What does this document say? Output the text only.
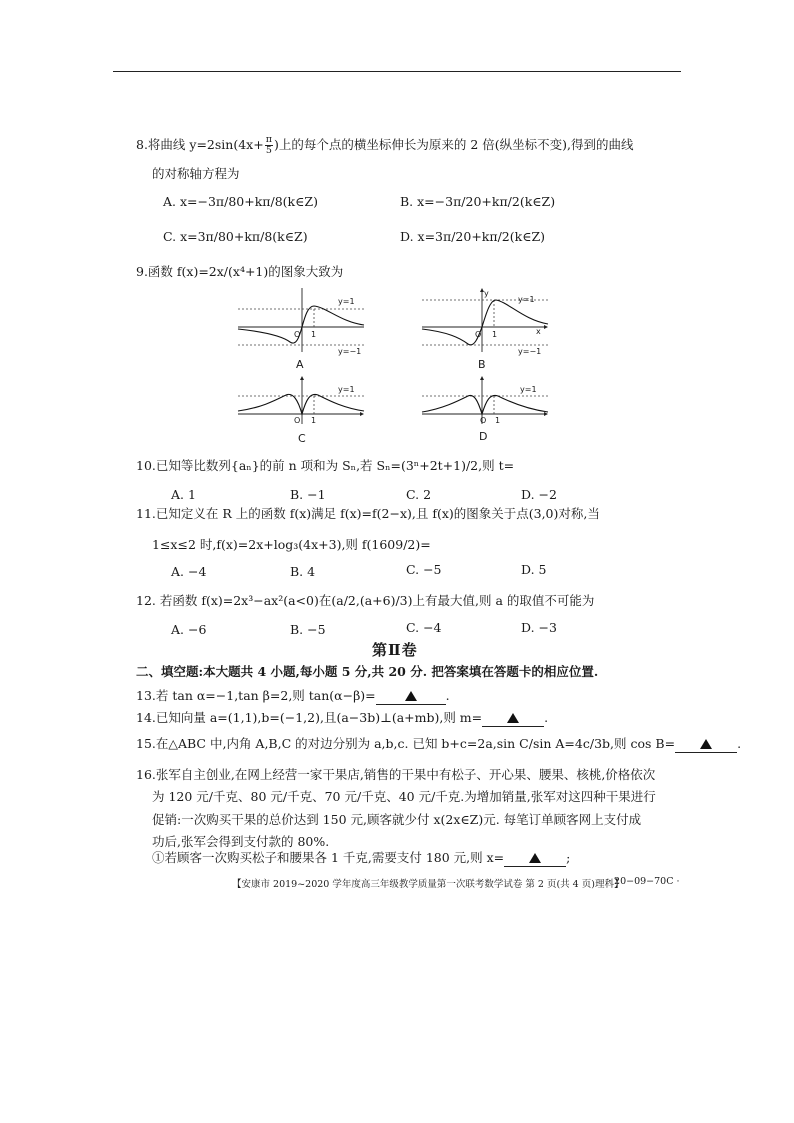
8.将曲线 $y=2\sin(4x+ \frac{\pi}{5}$ )上的每个点的横坐标伸长为原来的 2 倍(纵坐标不变),得到的曲线
的对称轴方程为
A. x=−3π/80+kπ/8(k∈Z)	B. x=−3π/20+kπ/2(k∈Z)
C. x=3π/80+kπ/8(k∈Z)	D. x=3π/20+kπ/2(k∈Z)
9.函数 f(x)=2x/(x⁴+1)的图象大致为
y=1
y=−1
O 1
A
y=1
y=−1
O 1
y
x
B
y=1
O 1
C
y=1
O 1
D
10.已知等比数列{aₙ}的前 n 项和为 Sₙ,若 Sₙ=(3ⁿ+2t+1)/2,则 t=
A. 1	B. −1	C. 2	D. −2
11.已知定义在 R 上的函数 f(x)满足 f(x)=f(2−x),且 f(x)的图象关于点(3,0)对称,当
1≤x≤2 时,f(x)=2x+log₃(4x+3),则 f(1609/2)=
A. −4	B. 4	C. −5	D. 5
12. 若函数 f(x)=2x³−ax²(a<0)在(a/2,(a+6)/3)上有最大值,则 a 的取值不可能为
A. −6	B. −5	C. −4	D. −3
第Ⅱ卷
二、填空题:本大题共 4 小题,每小题 5 分,共 20 分. 把答案填在答题卡的相应位置.
13.若 tan α=−1,tan β=2,则 tan(α−β)=	.
14.已知向量 a=(1,1),b=(−1,2),且(a−3b)⊥(a+mb),则 m=	.
15.在△ABC 中,内角 A,B,C 的对边分别为 a,b,c. 已知 b+c=2a,sin C/sin A=4c/3b,则 cos B=	.
16.张军自主创业,在网上经营一家干果店,销售的干果中有松子、开心果、腰果、核桃,价格依次
为 120 元/千克、80 元/千克、70 元/千克、40 元/千克.为增加销量,张军对这四种干果进行
促销:一次购买干果的总价达到 150 元,顾客就少付 x(2x∈Z)元. 每笔订单顾客网上支付成
功后,张军会得到支付款的 80%.
①若顾客一次购买松子和腰果各 1 千克,需要支付 180 元,则 x=	;
【安康市 2019~2020 学年度高三年级教学质量第一次联考数学试卷 第 2 页(共 4 页)理科】
· 20−09−70C ·
